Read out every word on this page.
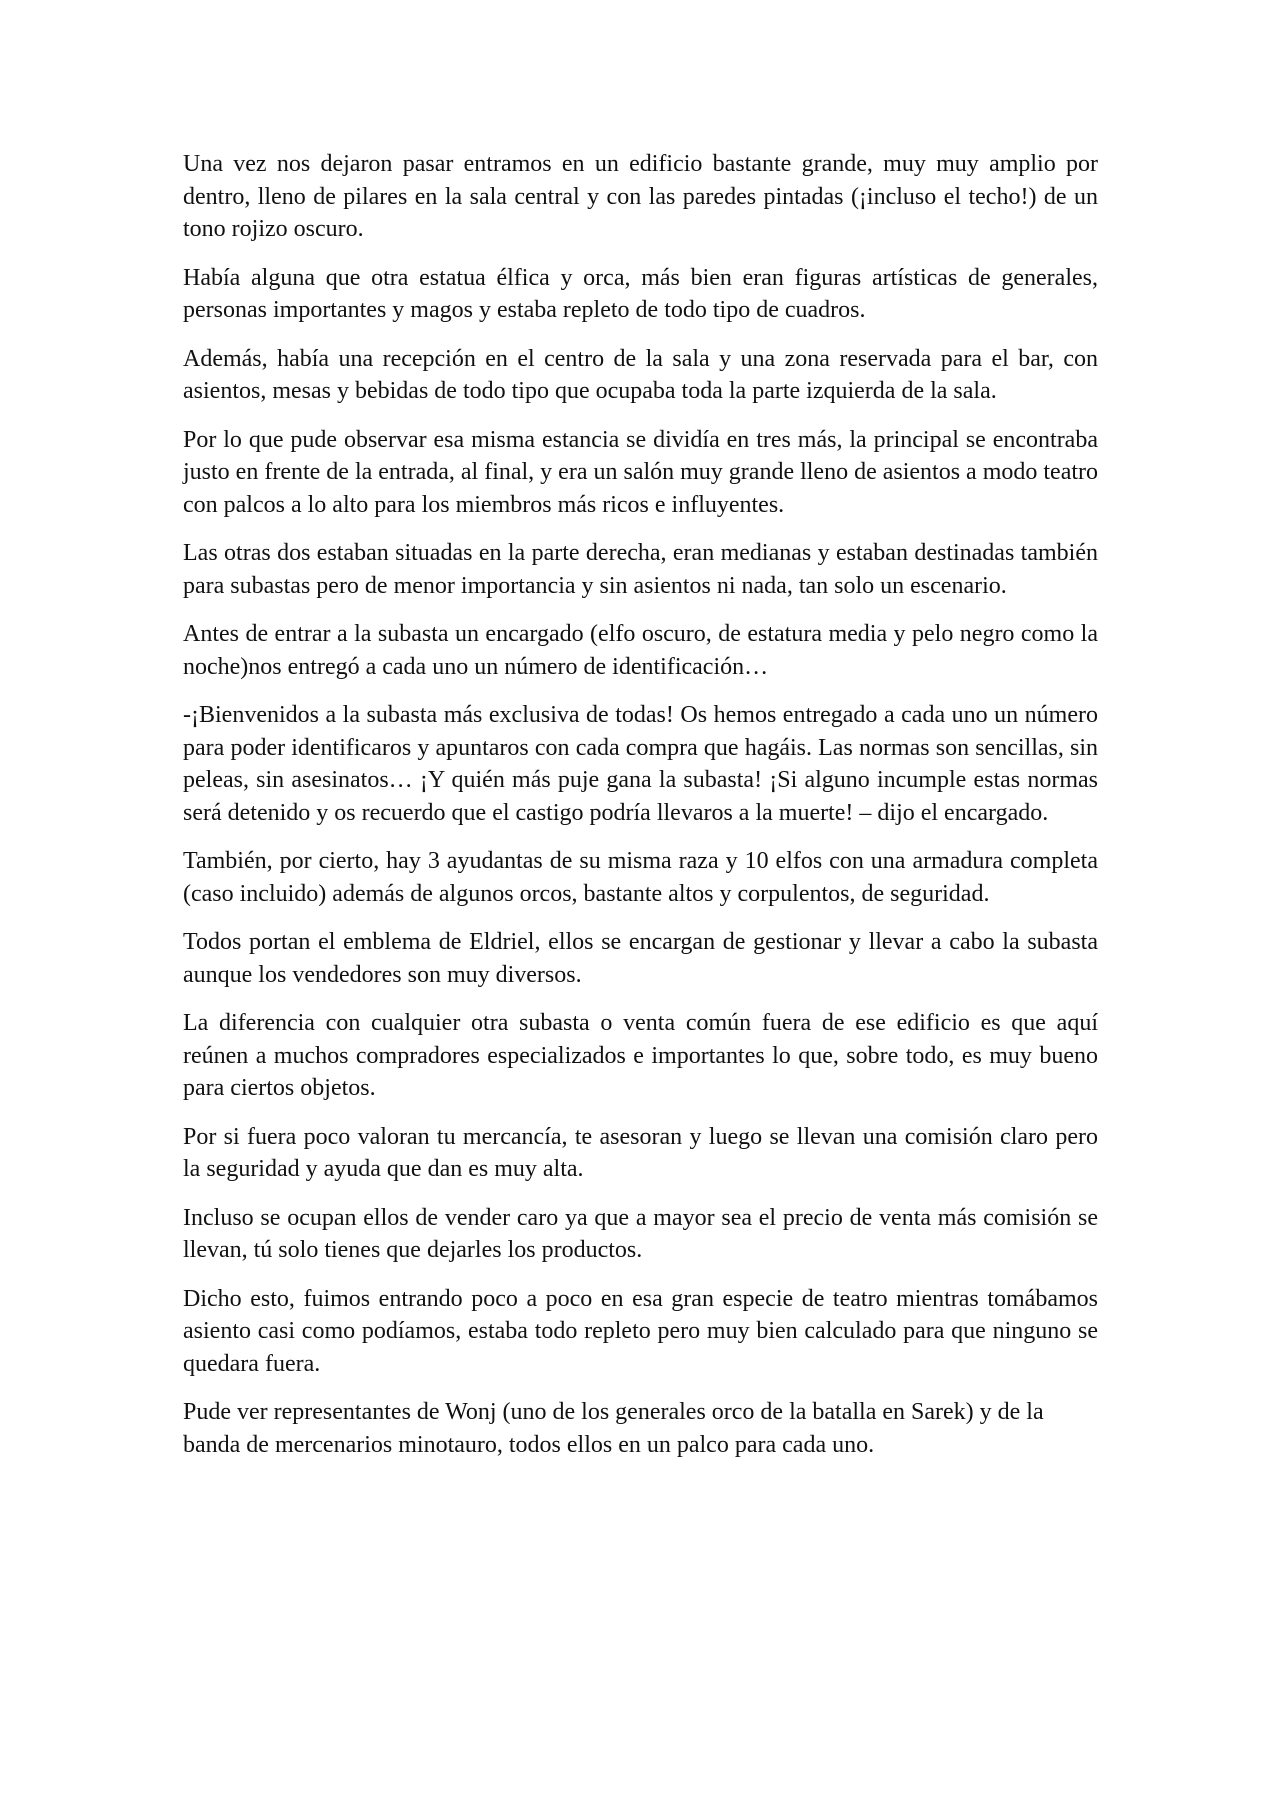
Una vez nos dejaron pasar entramos en un edificio bastante grande, muy muy amplio por dentro, lleno de pilares en la sala central y con las paredes pintadas (¡incluso el techo!) de un tono rojizo oscuro.

Había alguna que otra estatua élfica y orca, más bien eran figuras artísticas de generales, personas importantes y magos y estaba repleto de todo tipo de cuadros.

Además, había una recepción en el centro de la sala y una zona reservada para el bar, con asientos, mesas y bebidas de todo tipo que ocupaba toda la parte izquierda de la sala.

Por lo que pude observar esa misma estancia se dividía en tres más, la principal se encontraba justo en frente de la entrada, al final, y era un salón muy grande lleno de asientos a modo teatro con palcos a lo alto para los miembros más ricos e influyentes.

Las otras dos estaban situadas en la parte derecha, eran medianas y estaban destinadas también para subastas pero de menor importancia y sin asientos ni nada, tan solo un escenario.

Antes de entrar a la subasta un encargado (elfo oscuro, de estatura media y pelo negro como la noche)nos entregó a cada uno un número de identificación…

-¡Bienvenidos a la subasta más exclusiva de todas! Os hemos entregado a cada uno un número para poder identificaros y apuntaros con cada compra que hagáis. Las normas son sencillas, sin peleas, sin asesinatos… ¡Y quién más puje gana la subasta! ¡Si alguno incumple estas normas será detenido y os recuerdo que el castigo podría llevaros a la muerte! – dijo el encargado.

También, por cierto, hay 3 ayudantas de su misma raza y 10 elfos con una armadura completa (caso incluido) además de algunos orcos, bastante altos y corpulentos, de seguridad.

Todos portan el emblema de Eldriel, ellos se encargan de gestionar y llevar a cabo la subasta aunque los vendedores son muy diversos.

La diferencia con cualquier otra subasta o venta común fuera de ese edificio es que aquí reúnen a muchos compradores especializados e importantes lo que, sobre todo, es muy bueno para ciertos objetos.

Por si fuera poco valoran tu mercancía, te asesoran y luego se llevan una comisión claro pero la seguridad y ayuda que dan es muy alta.

Incluso se ocupan ellos de vender caro ya que a mayor sea el precio de venta más comisión se llevan, tú solo tienes que dejarles los productos.

Dicho esto, fuimos entrando poco a poco en esa gran especie de teatro mientras tomábamos asiento casi como podíamos, estaba todo repleto pero muy bien calculado para que ninguno se quedara fuera.

Pude ver representantes de Wonj (uno de los generales orco de la batalla en Sarek) y de la banda de mercenarios minotauro, todos ellos en un palco para cada uno.
